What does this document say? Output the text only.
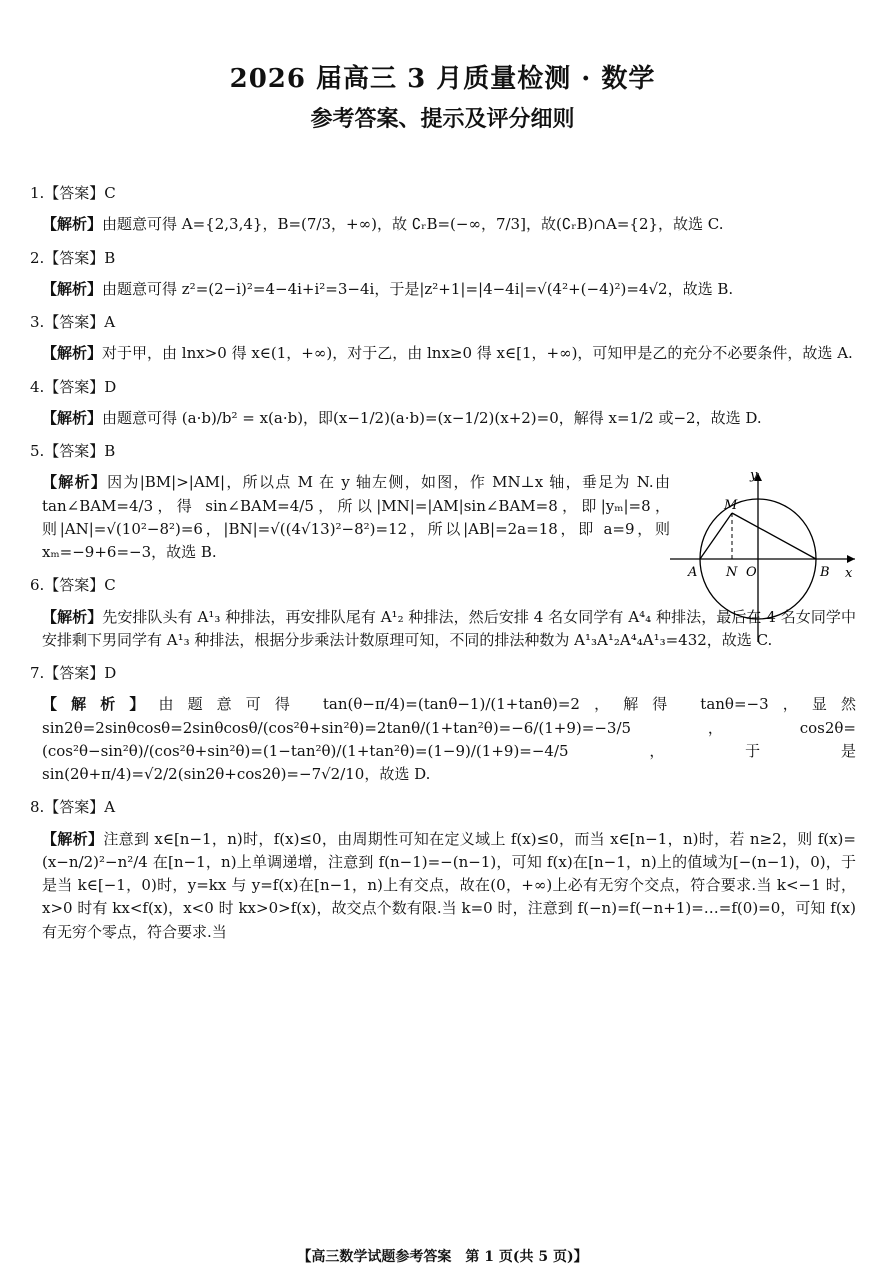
2026 届高三 3 月质量检测 · 数学
参考答案、提示及评分细则
1.【答案】C
【解析】由题意可得 A={2,3,4}，B=(7/3，+∞)，故 ∁ᵣB=(−∞，7/3]，故(∁ᵣB)∩A={2}，故选 C.
2.【答案】B
【解析】由题意可得 z²=(2−i)²=4−4i+i²=3−4i，于是|z²+1|=|4−4i|=√(4²+(−4)²)=4√2，故选 B.
3.【答案】A
【解析】对于甲，由 lnx>0 得 x∈(1，+∞)，对于乙，由 lnx≥0 得 x∈[1，+∞)，可知甲是乙的充分不必要条件，故选 A.
4.【答案】D
【解析】由题意可得 (a·b)/b² = x(a·b)，即(x−1/2)(a·b)=(x−1/2)(x+2)=0，解得 x=1/2 或−2，故选 D.
5.【答案】B
【解析】因为|BM|>|AM|，所以点 M 在 y 轴左侧，如图，作 MN⊥x 轴，垂足为 N.由 tan∠BAM=4/3，得 sin∠BAM=4/5，所以|MN|=|AM|sin∠BAM=8，即|yₘ|=8，则|AN|=√(10²−8²)=6，|BN|=√((4√13)²−8²)=12，所以|AB|=2a=18，即 a=9，则 xₘ=−9+6=−3，故选 B.
y
x
M
A N O	B
6.【答案】C
【解析】先安排队头有 A¹₃ 种排法，再安排队尾有 A¹₂ 种排法，然后安排 4 名女同学有 A⁴₄ 种排法，最后在 4 名女同学中安排剩下男同学有 A¹₃ 种排法，根据分步乘法计数原理可知，不同的排法种数为 A¹₃A¹₂A⁴₄A¹₃=432，故选 C.
7.【答案】D
【解析】由题意可得 tan(θ−π/4)=(tanθ−1)/(1+tanθ)=2，解得 tanθ=−3，显然 sin2θ=2sinθcosθ=2sinθcosθ/(cos²θ+sin²θ)=2tanθ/(1+tan²θ)=−6/(1+9)=−3/5，cos2θ=(cos²θ−sin²θ)/(cos²θ+sin²θ)=(1−tan²θ)/(1+tan²θ)=(1−9)/(1+9)=−4/5，于是 sin(2θ+π/4)=√2/2(sin2θ+cos2θ)=−7√2/10，故选 D.
8.【答案】A
【解析】注意到 x∈[n−1，n)时，f(x)≤0，由周期性可知在定义域上 f(x)≤0，而当 x∈[n−1，n)时，若 n≥2，则 f(x)=(x−n/2)²−n²/4 在[n−1，n)上单调递增，注意到 f(n−1)=−(n−1)，可知 f(x)在[n−1，n)上的值域为[−(n−1)，0)，于是当 k∈[−1，0)时，y=kx 与 y=f(x)在[n−1，n)上有交点，故在(0，+∞)上必有无穷个交点，符合要求.当 k<−1 时，x>0 时有 kx<f(x)，x<0 时 kx>0>f(x)，故交点个数有限.当 k=0 时，注意到 f(−n)=f(−n+1)=…=f(0)=0，可知 f(x)有无穷个零点，符合要求.当
【高三数学试题参考答案　第 1 页(共 5 页)】
